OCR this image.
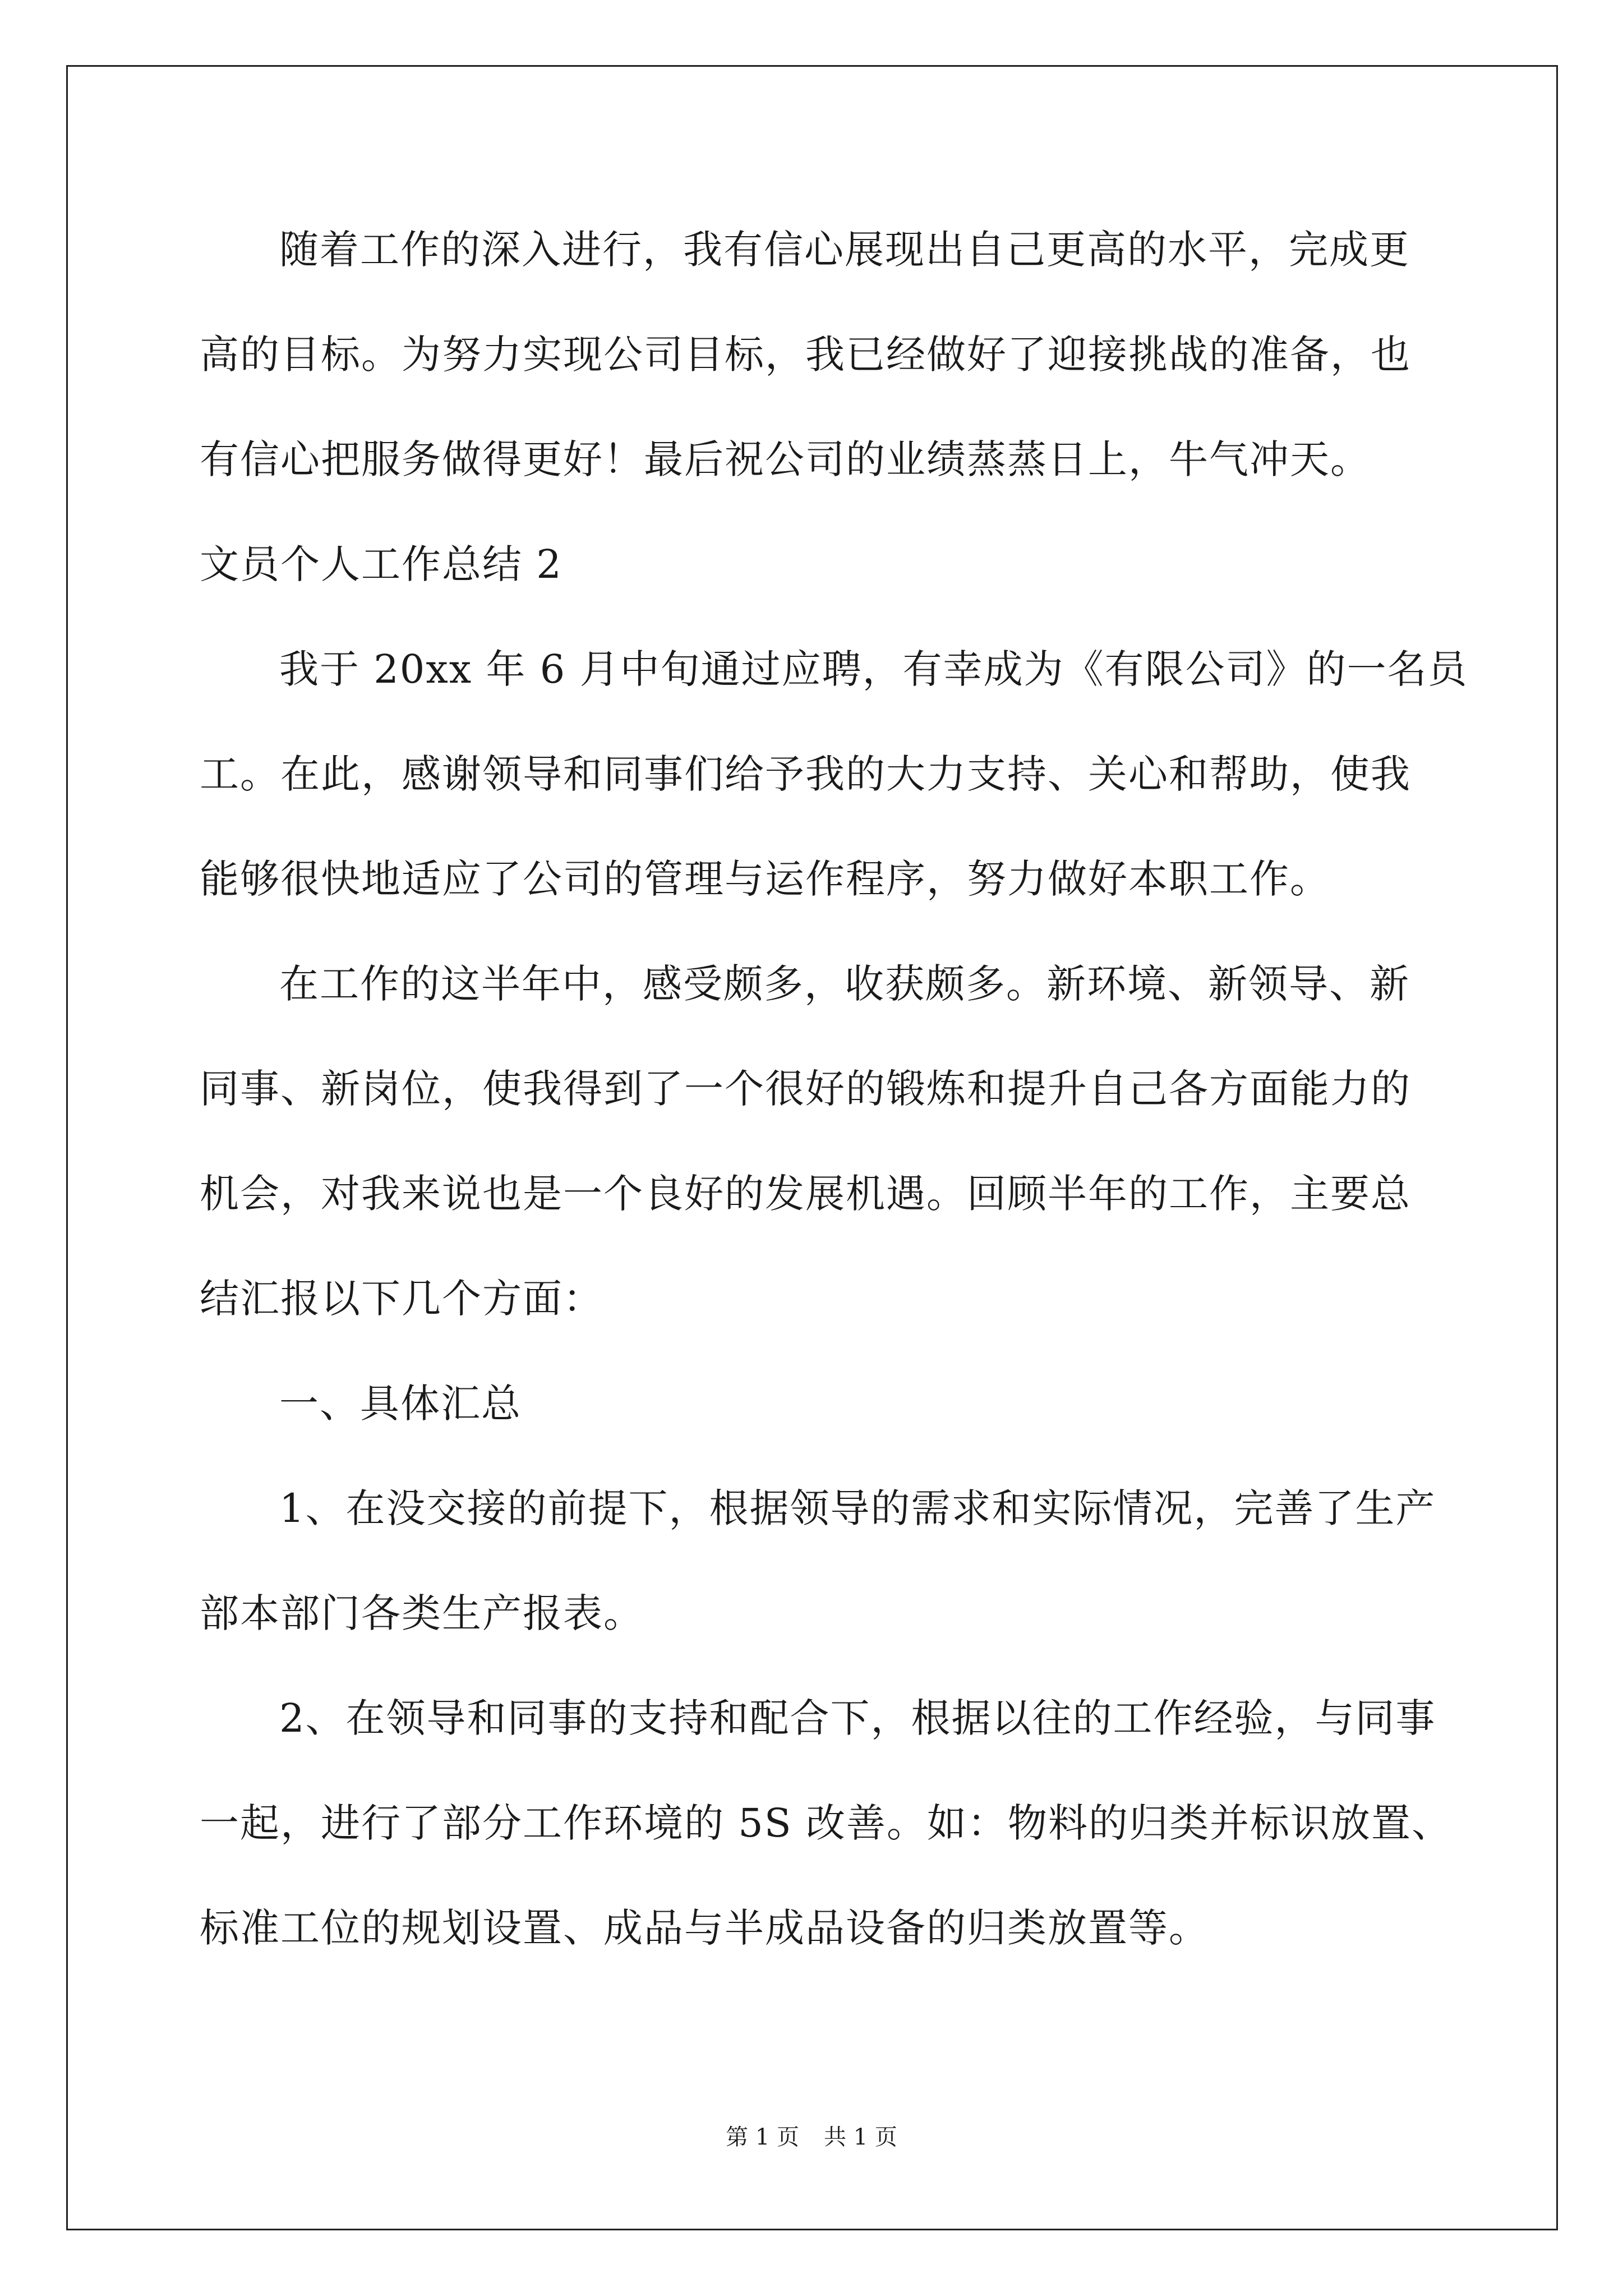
随着工作的深入进行，我有信心展现出自己更高的水平，完成更
高的目标。为努力实现公司目标，我已经做好了迎接挑战的准备，也
有信心把服务做得更好！最后祝公司的业绩蒸蒸日上，牛气冲天。
文员个人工作总结 2
我于 20xx 年 6 月中旬通过应聘，有幸成为《有限公司》的一名员
工。在此，感谢领导和同事们给予我的大力支持、关心和帮助，使我
能够很快地适应了公司的管理与运作程序，努力做好本职工作。
在工作的这半年中，感受颇多，收获颇多。新环境、新领导、新
同事、新岗位，使我得到了一个很好的锻炼和提升自己各方面能力的
机会，对我来说也是一个良好的发展机遇。回顾半年的工作，主要总
结汇报以下几个方面：
一、具体汇总
1、在没交接的前提下，根据领导的需求和实际情况，完善了生产
部本部门各类生产报表。
2、在领导和同事的支持和配合下，根据以往的工作经验，与同事
一起，进行了部分工作环境的 5S 改善。如：物料的归类并标识放置、
标准工位的规划设置、成品与半成品设备的归类放置等。
第 1 页 共 1 页
